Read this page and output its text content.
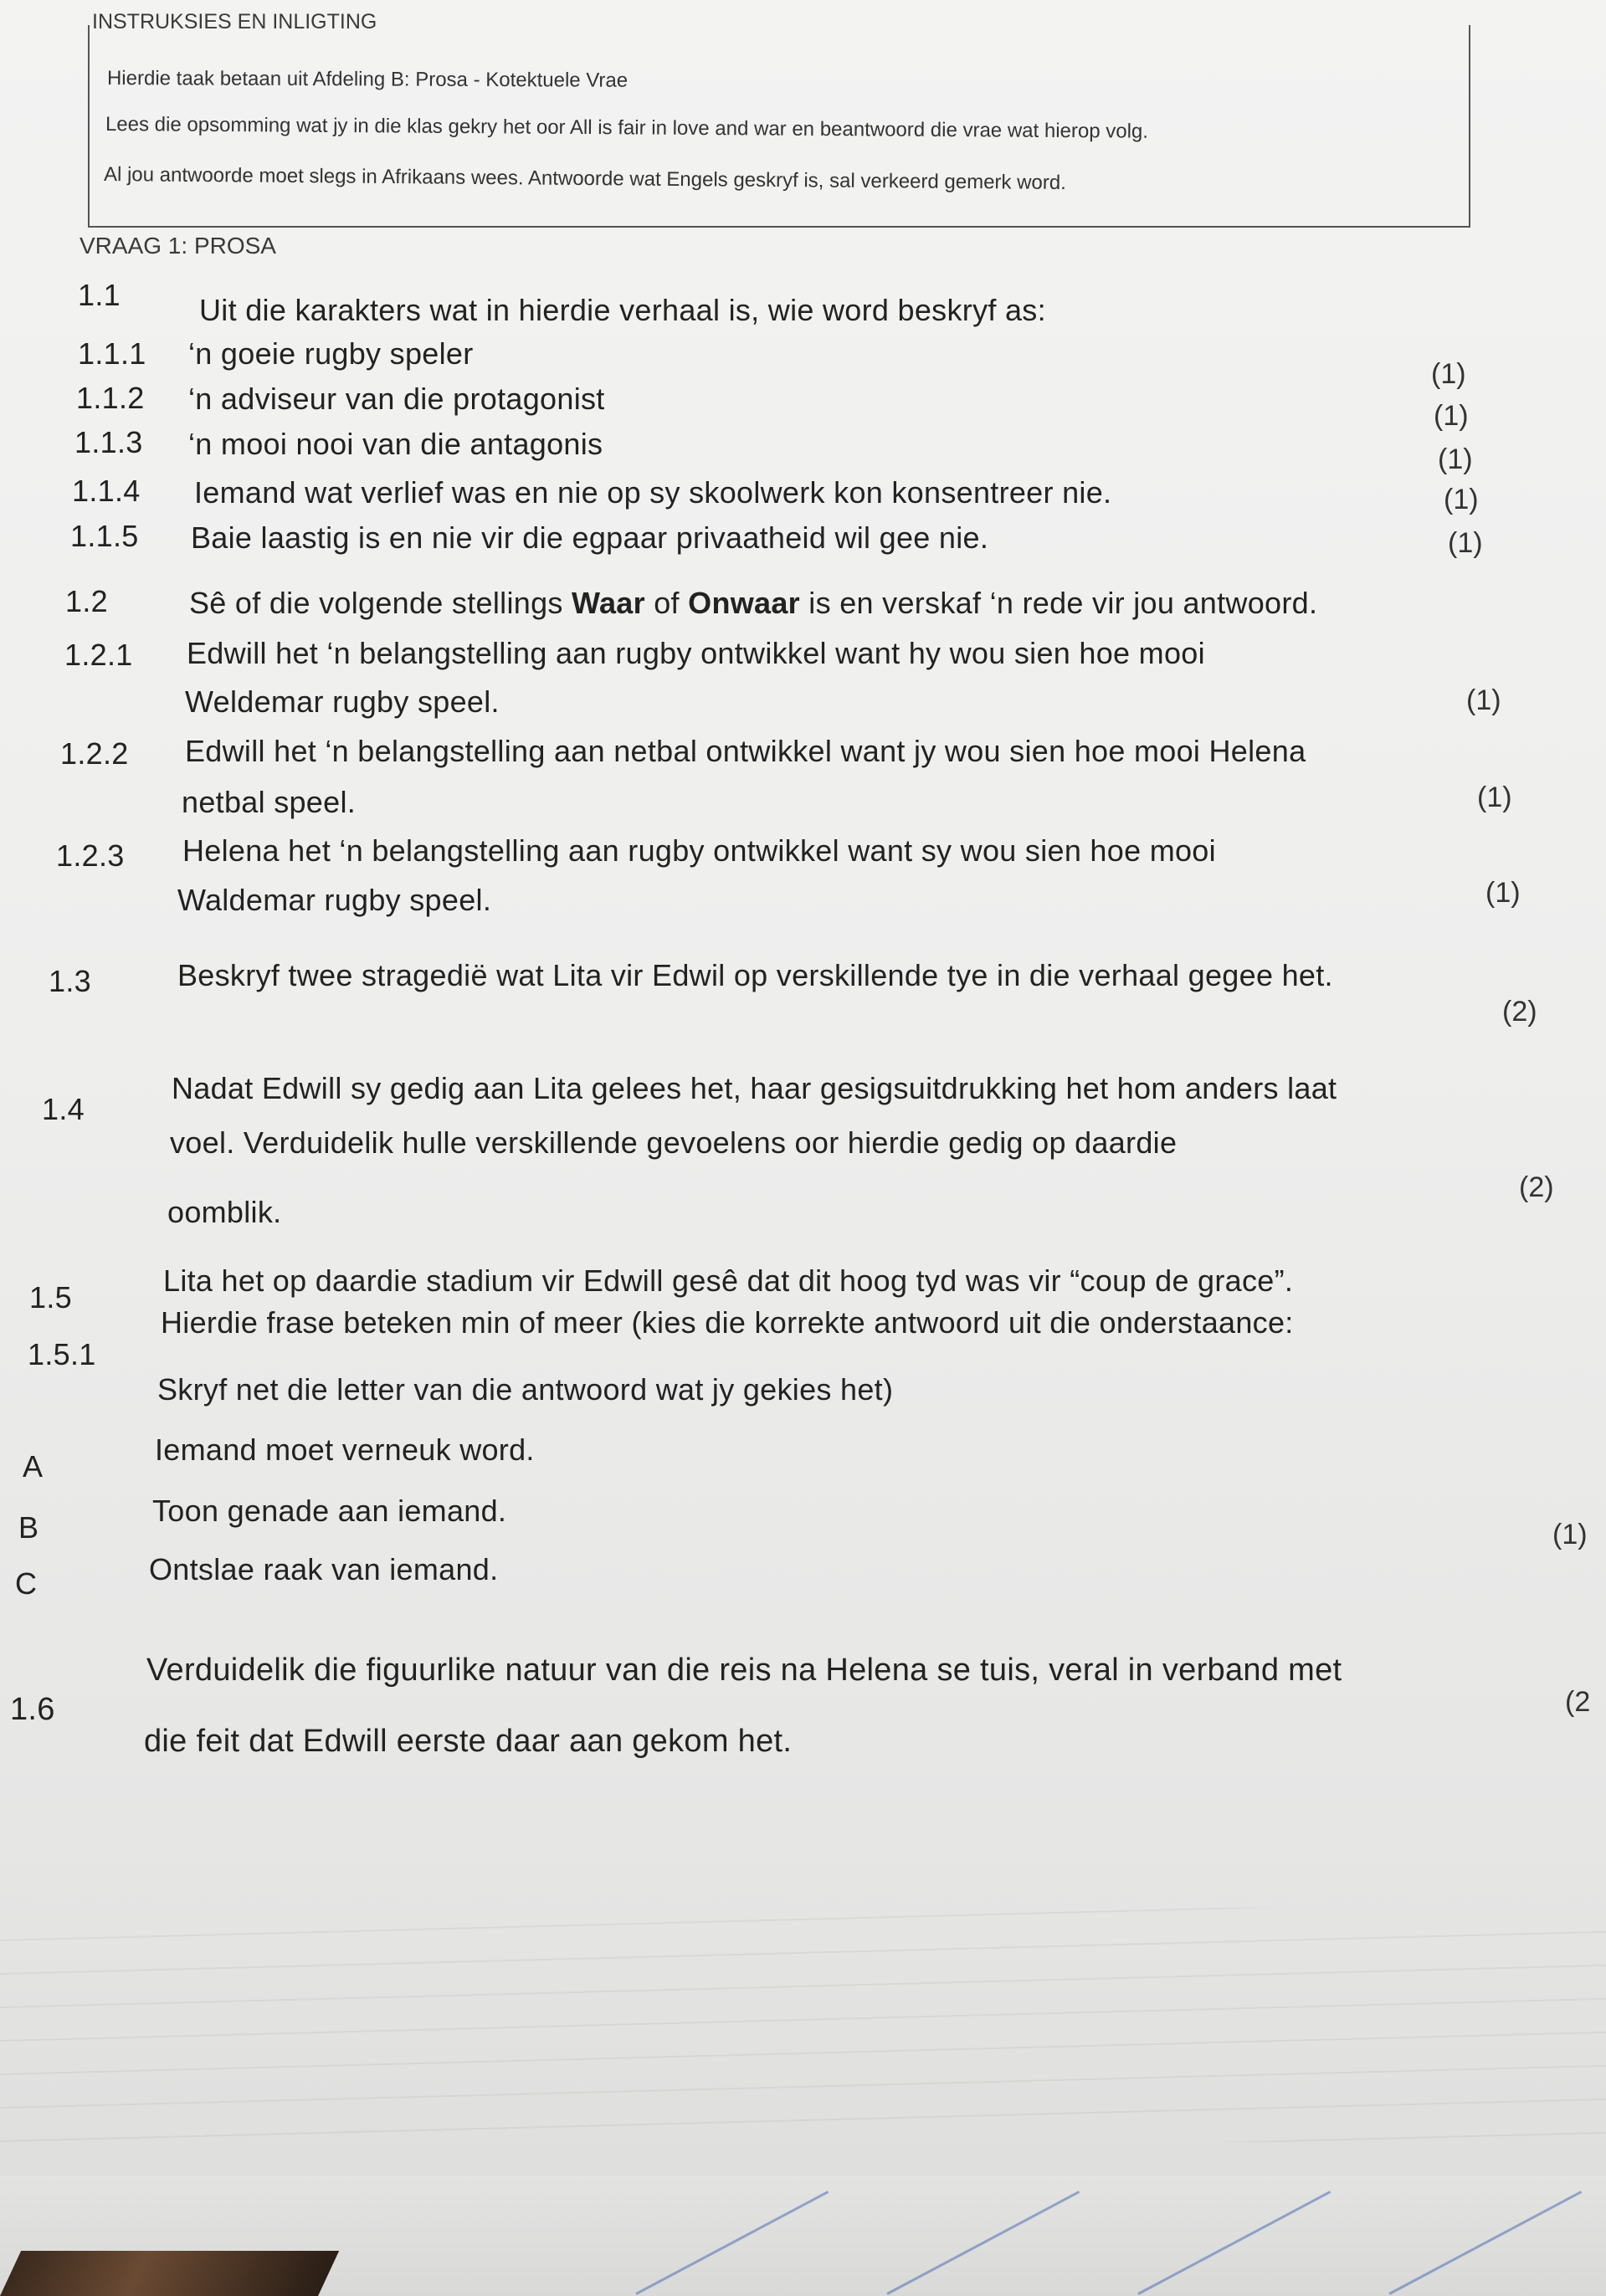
INSTRUKSIES EN INLIGTING
Hierdie taak betaan uit Afdeling B: Prosa - Kotektuele Vrae
Lees die opsomming wat jy in die klas gekry het oor All is fair in love and war en beantwoord die vrae wat hierop volg.
Al jou antwoorde moet slegs in Afrikaans wees. Antwoorde wat Engels geskryf is, sal verkeerd gemerk word.
VRAAG 1: PROSA
1.1	Uit die karakters wat in hierdie verhaal is, wie word beskryf as:
1.1.1 ‘n goeie rugby speler
(1)
1.1.2 ‘n adviseur van die protagonist	(1)
1.1.3 ‘n mooi nooi van die antagonis	(1)
1.1.4 Iemand wat verlief was en nie op sy skoolwerk kon konsentreer nie.	(1)
1.1.5 Baie laastig is en nie vir die egpaar privaatheid wil gee nie.	(1)
1.2	Sê of die volgende stellings Waar of Onwaar is en verskaf ‘n rede vir jou antwoord.
1.2.1 Edwill het ‘n belangstelling aan rugby ontwikkel want hy wou sien hoe mooi
Weldemar rugby speel.	(1)
1.2.2 Edwill het ‘n belangstelling aan netbal ontwikkel want jy wou sien hoe mooi Helena
netbal speel.	(1)
1.2.3 Helena het ‘n belangstelling aan rugby ontwikkel want sy wou sien hoe mooi
Waldemar rugby speel.	(1)
1.3	Beskryf twee stragedië wat Lita vir Edwil op verskillende tye in die verhaal gegee het.
(2)
1.4
Nadat Edwill sy gedig aan Lita gelees het, haar gesigsuitdrukking het hom anders laat
voel. Verduidelik hulle verskillende gevoelens oor hierdie gedig op daardie
oomblik.
(2)
1.5	Lita het op daardie stadium vir Edwill gesê dat dit hoog tyd was vir “coup de grace”.
1.5.1
Hierdie frase beteken min of meer (kies die korrekte antwoord uit die onderstaance:
Skryf net die letter van die antwoord wat jy gekies het)
A	Iemand moet verneuk word.
B	Toon genade aan iemand.
C	Ontslae raak van iemand.
(1)
1.6
Verduidelik die figuurlike natuur van die reis na Helena se tuis, veral in verband met
die feit dat Edwill eerste daar aan gekom het.
(2
